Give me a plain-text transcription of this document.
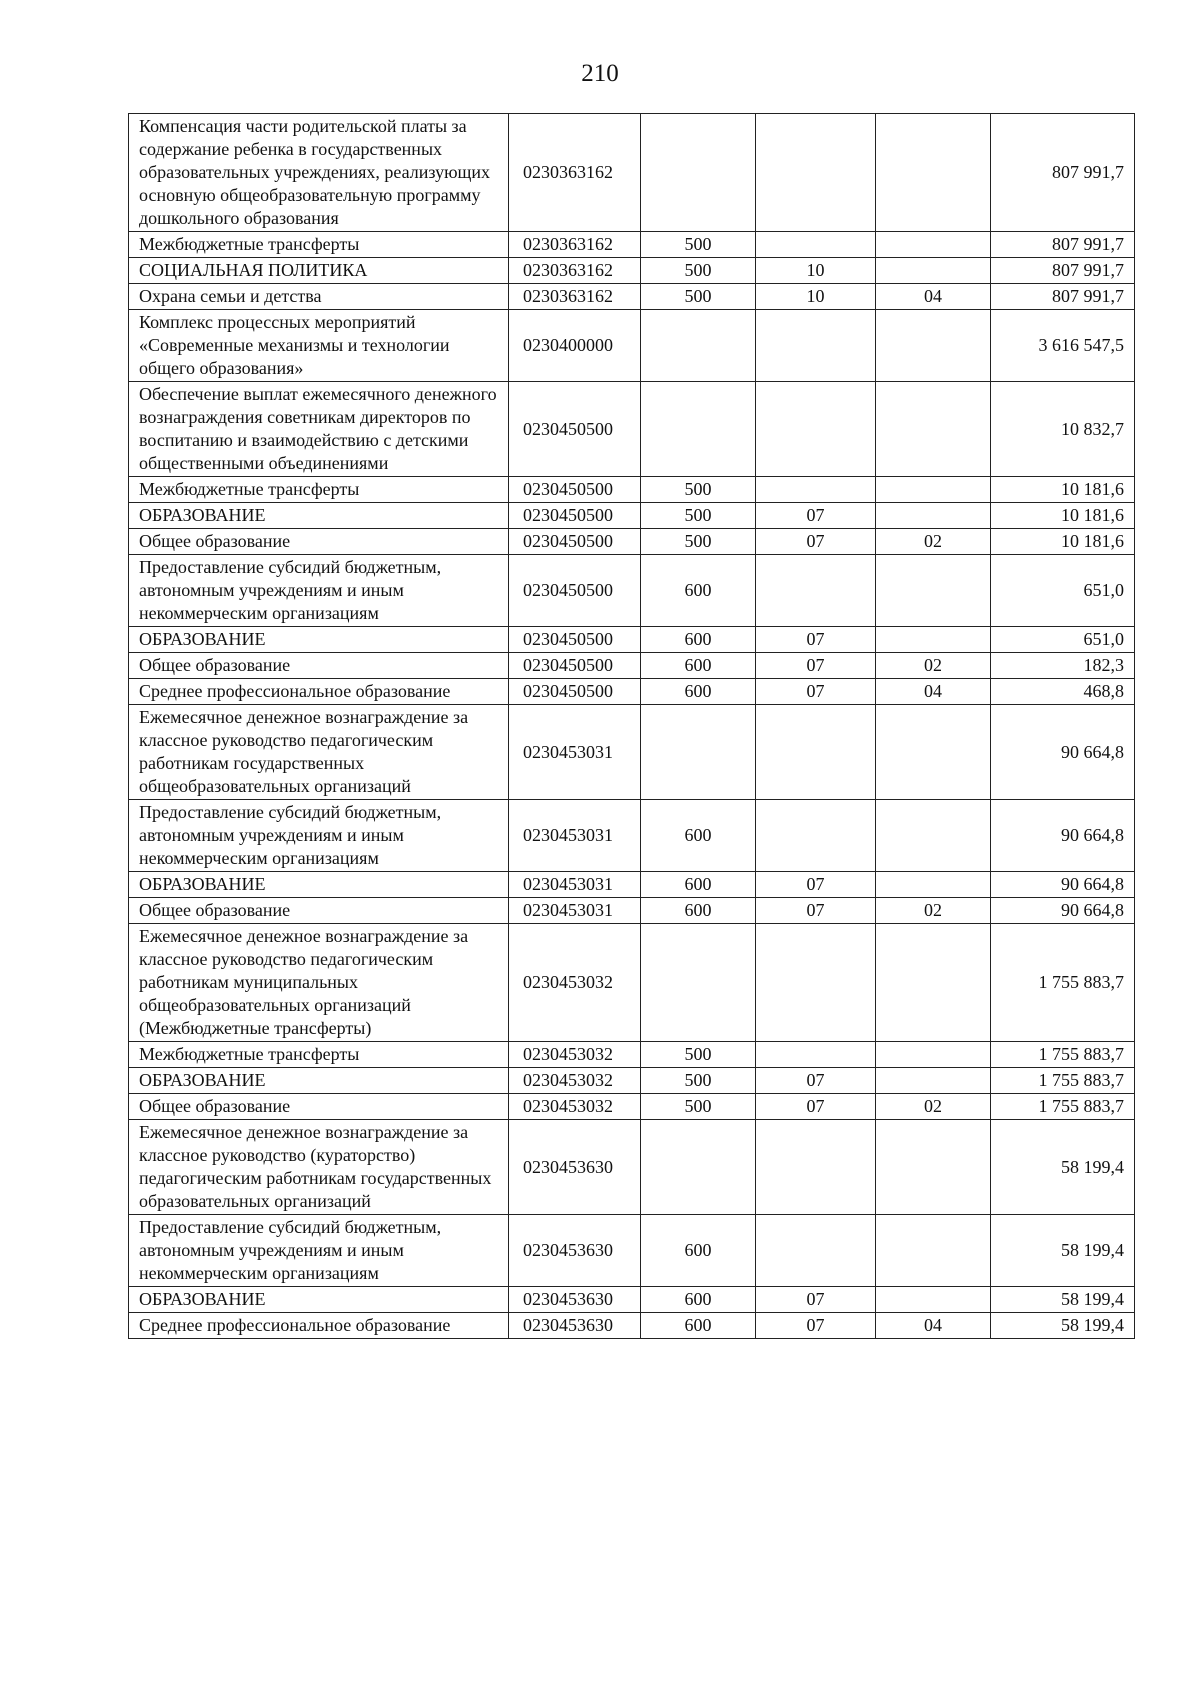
210
Компенсация части родительской платы за содержание ребенка в государственных образовательных учреждениях, реализующих основную общеобразовательную программу дошкольного образования	0230363162				807 991,7
Межбюджетные трансферты	0230363162	500			807 991,7
СОЦИАЛЬНАЯ ПОЛИТИКА	0230363162	500	10		807 991,7
Охрана семьи и детства	0230363162	500	10	04	807 991,7
Комплекс процессных мероприятий «Современные механизмы и технологии общего образования»	0230400000				3 616 547,5
Обеспечение выплат ежемесячного денежного вознаграждения советникам директоров по воспитанию и взаимодействию с детскими общественными объединениями	0230450500				10 832,7
Межбюджетные трансферты	0230450500	500			10 181,6
ОБРАЗОВАНИЕ	0230450500	500	07		10 181,6
Общее образование	0230450500	500	07	02	10 181,6
Предоставление субсидий бюджетным, автономным учреждениям и иным некоммерческим организациям	0230450500	600			651,0
ОБРАЗОВАНИЕ	0230450500	600	07		651,0
Общее образование	0230450500	600	07	02	182,3
Среднее профессиональное образование	0230450500	600	07	04	468,8
Ежемесячное денежное вознаграждение за классное руководство педагогическим работникам государственных общеобразовательных организаций	0230453031				90 664,8
Предоставление субсидий бюджетным, автономным учреждениям и иным некоммерческим организациям	0230453031	600			90 664,8
ОБРАЗОВАНИЕ	0230453031	600	07		90 664,8
Общее образование	0230453031	600	07	02	90 664,8
Ежемесячное денежное вознаграждение за классное руководство педагогическим работникам муниципальных общеобразовательных организаций (Межбюджетные трансферты)	0230453032				1 755 883,7
Межбюджетные трансферты	0230453032	500			1 755 883,7
ОБРАЗОВАНИЕ	0230453032	500	07		1 755 883,7
Общее образование	0230453032	500	07	02	1 755 883,7
Ежемесячное денежное вознаграждение за классное руководство (кураторство) педагогическим работникам государственных образовательных организаций	0230453630				58 199,4
Предоставление субсидий бюджетным, автономным учреждениям и иным некоммерческим организациям	0230453630	600			58 199,4
ОБРАЗОВАНИЕ	0230453630	600	07		58 199,4
Среднее профессиональное образование	0230453630	600	07	04	58 199,4
